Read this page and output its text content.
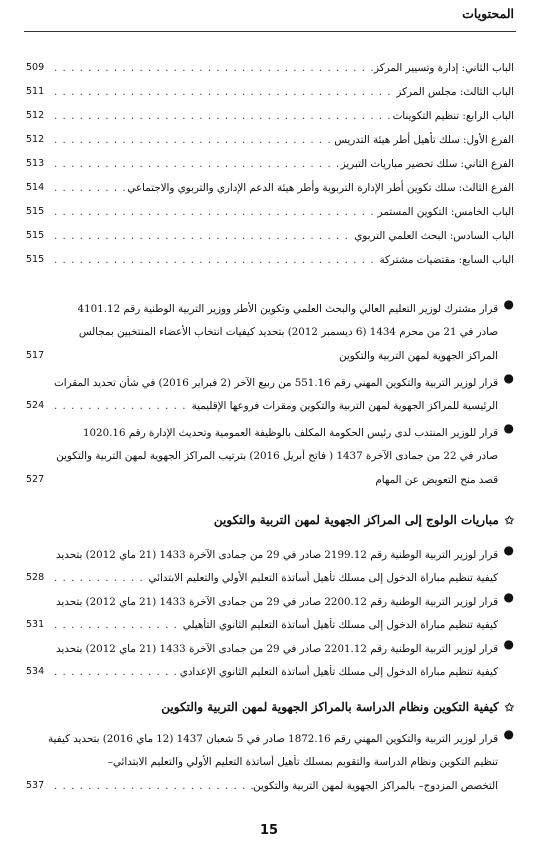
المحتويات
الباب الثاني: إدارة وتسيير المركز
. . .
509
الباب الثالث: مجلس المركز
. . .
511
الباب الرابع: تنظيم التكوينات
. . .
512
الفرع الأول: سلك تأهيل أطر هيئة التدريس
. . .
512
الفرع الثاني: سلك تحضير مباريات التبريز
. . .
513
الفرع الثالث: سلك تكوين أطر الإدارة التربوية وأطر هيئة الدعم الإداري والتربوي والاجتماعي
. . .
514
الباب الخامس: التكوين المستمر
. . .
515
الباب السادس: البحث العلمي التربوي
. . .
515
الباب السابع: مقتضيات مشتركة
. . .
515
●
قرار مشترك لوزير التعليم العالي والبحث العلمي وتكوين الأطر ووزير التربية الوطنية رقم 4101.12
صادر في 21 من محرم 1434 (6 ديسمبر 2012) بتحديد كيفيات انتخاب الأعضاء المنتخبين بمجالس
المراكز الجهوية لمهن التربية والتكوين
517
●
قرار لوزير التربية والتكوين المهني رقم 551.16 من ربيع الآخر (2 فبراير 2016) في شأن تحديد المقرات
الرئيسية للمراكز الجهوية لمهن التربية والتكوين ومقرات فروعها الإقليمية
. . .
524
●
قرار للوزير المنتدب لدى رئيس الحكومة المكلف بالوظيفة العمومية وتحديث الإدارة رقم 1020.16
صادر في 22 من جمادى الآخرة 1437 ( فاتح أبريل 2016) بترتيب المراكز الجهوية لمهن التربية والتكوين
قصد منح التعويض عن المهام
527
✩
مباريات الولوج إلى المراكز الجهوية لمهن التربية والتكوين
●
قرار لوزير التربية الوطنية رقم 2199.12 صادر في 29 من جمادى الآخرة 1433 (21 ماي 2012) بتحديد
كيفية تنظيم مباراة الدخول إلى مسلك تأهيل أساتذة التعليم الأولي والتعليم الابتدائي
. . .
528
●
قرار لوزير التربية الوطنية رقم 2200.12 صادر في 29 من جمادى الآخرة 1433 (21 ماي 2012) بتحديد
كيفية تنظيم مباراة الدخول إلى مسلك تأهيل أساتذة التعليم الثانوي التأهيلي
. . .
531
●
قرار لوزير التربية الوطنية رقم 2201.12 صادر في 29 من جمادى الآخرة 1433 (21 ماي 2012) بتحديد
كيفية تنظيم مباراة الدخول إلى مسلك تأهيل أساتذة التعليم الثانوي الإعدادي
. . .
534
✩
كيفية التكوين ونظام الدراسة بالمراكز الجهوية لمهن التربية والتكوين
●
قرار لوزير التربية والتكوين المهني رقم 1872.16 صادر في 5 شعبان 1437 (12 ماي 2016) بتحديد كيفية
تنظيم التكوين ونظام الدراسة والتقويم بمسلك تأهيل أساتذة التعليم الأولي والتعليم الابتدائي–
التخصص المزدوج– بالمراكز الجهوية لمهن التربية والتكوين
. . .
537
15
